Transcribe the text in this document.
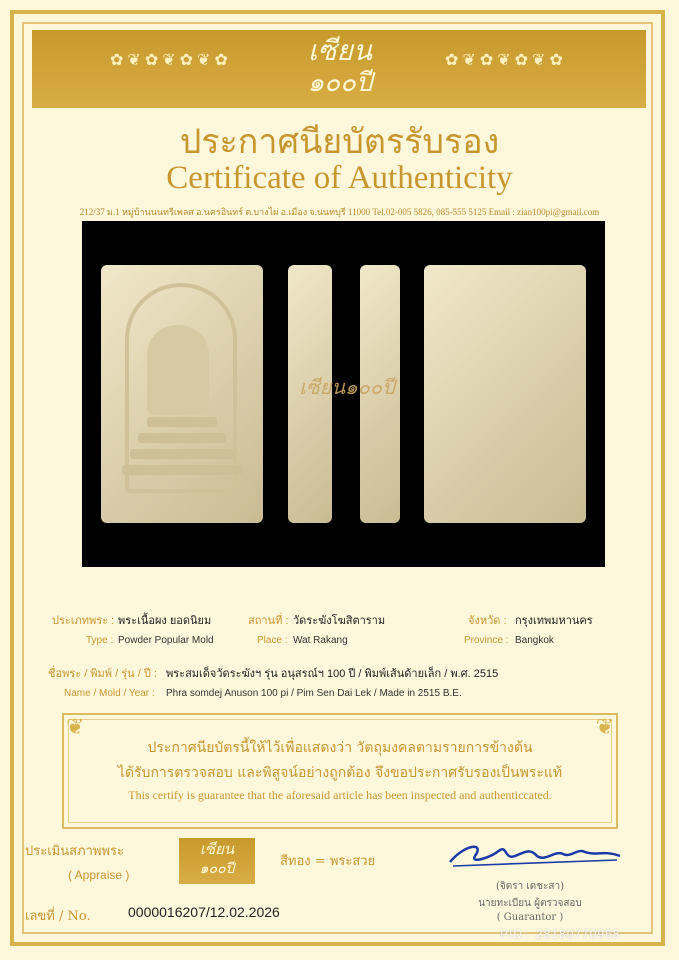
✿❦✿❦✿❦✿	✿❦✿❦✿❦✿
เซียน
๑๐๐ปี
ประกาศนียบัตรรับรอง
Certificate of Authenticity
212/37 ม.1 หมู่บ้านนนทรีเพลส อ.นครอินทร์ ต.บางไผ่ อ.เมือง จ.นนทบุรี 11000 Tel.02-005 5826, 085-555 5125 Email : zian100pi@gmail.com
เซียน๑๐๐ปี
ประเภทพระ : พระเนื้อผง ยอดนิยม
Type : Powder Popular Mold
สถานที่ : วัดระฆังโฆสิตาราม
Place : Wat Rakang
จังหวัด : กรุงเทพมหานคร
Province : Bangkok
ชื่อพระ / พิมพ์ / รุ่น / ปี : พระสมเด็จวัดระฆังฯ รุ่น อนุสรณ์ฯ 100 ปี / พิมพ์เส้นด้ายเล็ก / พ.ศ. 2515
Name / Mold / Year : Phra somdej Anuson 100 pi / Pim Sen Dai Lek / Made in 2515 B.E.
❦	❦
ประกาศนียบัตรนี้ให้ไว้เพื่อแสดงว่า วัตถุมงคลตามรายการข้างต้น
ได้รับการตรวจสอบ และพิสูจน์อย่างถูกต้อง จึงขอประกาศรับรองเป็นพระแท้
This certify is guarantee that the aforesaid article has been inspected and authenticcated.
ประเมินสภาพพระ
( Appraise )
เซียน
๑๐๐ปี	สีทอง = พระสวย
เลขที่ / No.	0000016207/12.02.2026
(จิตรา เดชะสา)
นายทะเบียน ผู้ตรวจสอบ
( Guarantor )
PID：28180770968
